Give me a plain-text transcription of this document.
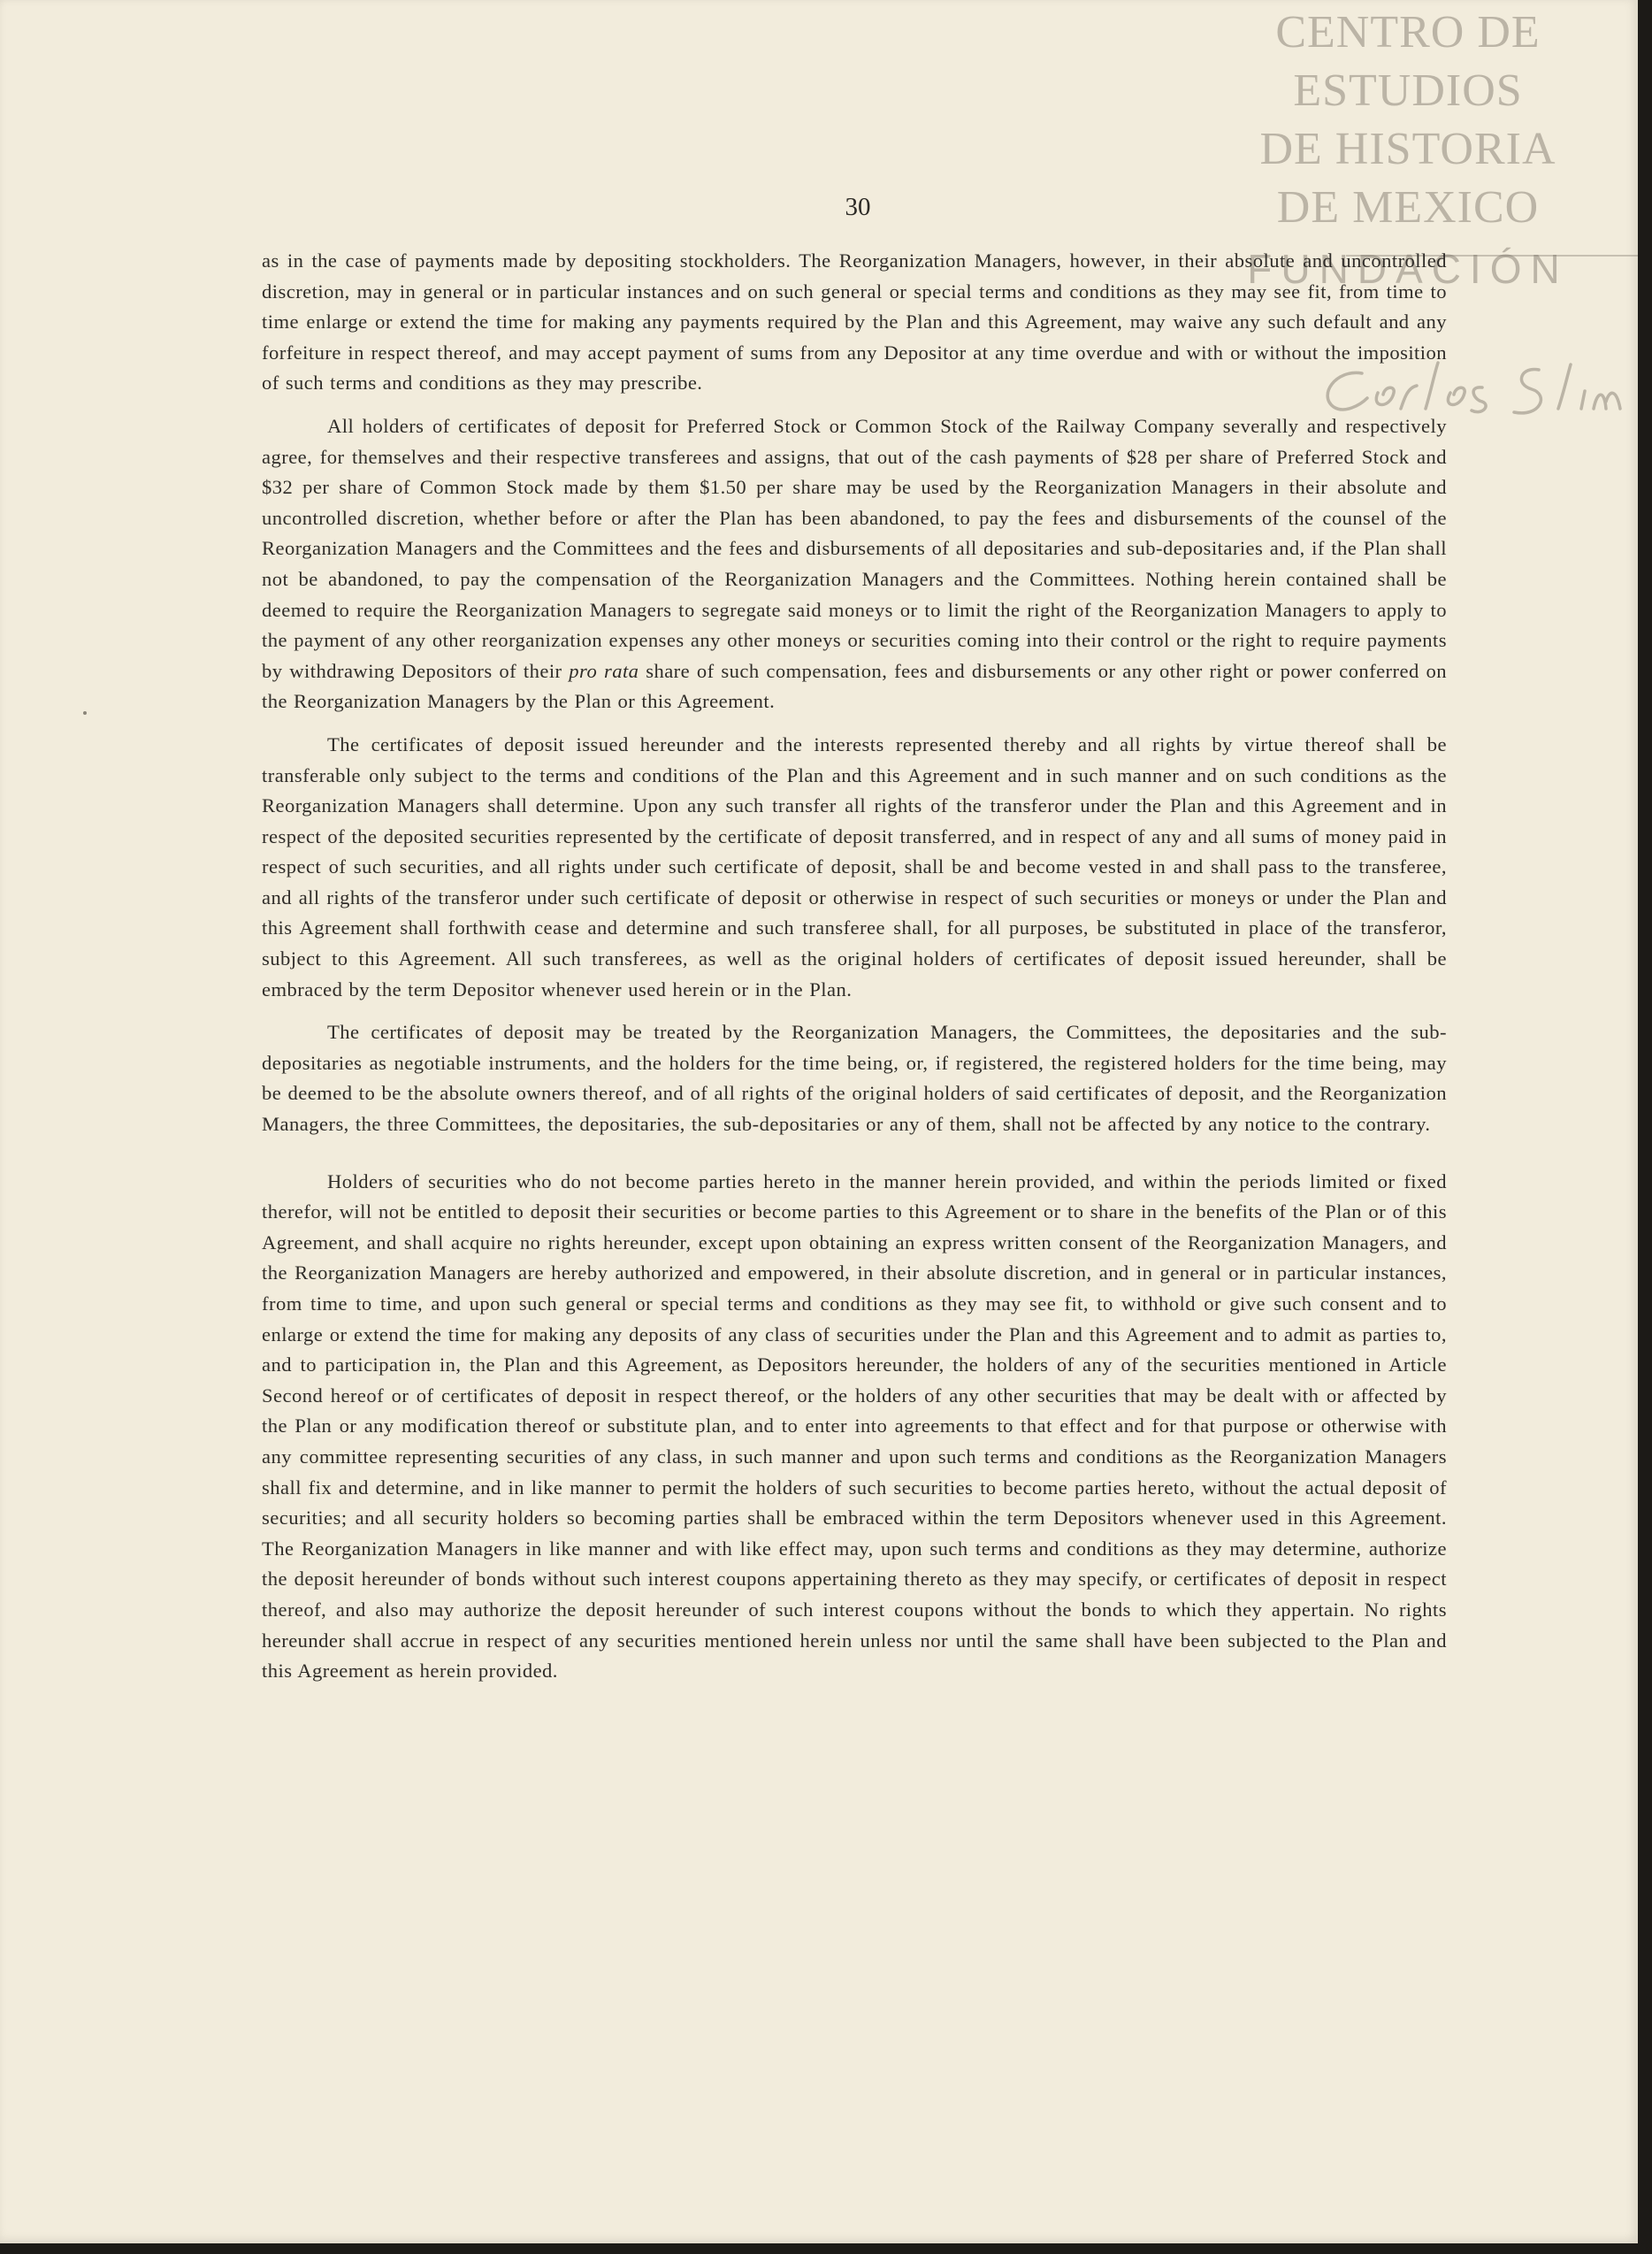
CENTRO DE
ESTUDIOS
DE HISTORIA
DE MEXICO
FUNDACIÓN
30

as in the case of payments made by depositing stockholders. The Reorganization Managers, however, in their absolute and uncontrolled discretion, may in general or in particular instances and on such general or special terms and conditions as they may see fit, from time to time enlarge or extend the time for making any payments required by the Plan and this Agreement, may waive any such default and any forfeiture in respect thereof, and may accept payment of sums from any Depositor at any time overdue and with or without the imposition of such terms and conditions as they may prescribe.

All holders of certificates of deposit for Preferred Stock or Common Stock of the Railway Company severally and respectively agree, for themselves and their respective transferees and assigns, that out of the cash payments of $28 per share of Preferred Stock and $32 per share of Common Stock made by them $1.50 per share may be used by the Reorganization Managers in their absolute and uncontrolled discretion, whether before or after the Plan has been abandoned, to pay the fees and disbursements of the counsel of the Reorganization Managers and the Committees and the fees and disbursements of all depositaries and sub-depositaries and, if the Plan shall not be abandoned, to pay the compensation of the Reorganization Managers and the Committees. Nothing herein contained shall be deemed to require the Reorganization Managers to segregate said moneys or to limit the right of the Reorganization Managers to apply to the payment of any other reorganization expenses any other moneys or securities coming into their control or the right to require payments by withdrawing Depositors of their pro rata share of such compensation, fees and disbursements or any other right or power conferred on the Reorganization Managers by the Plan or this Agreement.

The certificates of deposit issued hereunder and the interests represented thereby and all rights by virtue thereof shall be transferable only subject to the terms and conditions of the Plan and this Agreement and in such manner and on such conditions as the Reorganization Managers shall determine. Upon any such transfer all rights of the transferor under the Plan and this Agreement and in respect of the deposited securities represented by the certificate of deposit transferred, and in respect of any and all sums of money paid in respect of such securities, and all rights under such certificate of deposit, shall be and become vested in and shall pass to the transferee, and all rights of the transferor under such certificate of deposit or otherwise in respect of such securities or moneys or under the Plan and this Agreement shall forthwith cease and determine and such transferee shall, for all purposes, be substituted in place of the transferor, subject to this Agreement. All such transferees, as well as the original holders of certificates of deposit issued hereunder, shall be embraced by the term Depositor whenever used herein or in the Plan.

The certificates of deposit may be treated by the Reorganization Managers, the Committees, the depositaries and the sub-depositaries as negotiable instruments, and the holders for the time being, or, if registered, the registered holders for the time being, may be deemed to be the absolute owners thereof, and of all rights of the original holders of said certificates of deposit, and the Reorganization Managers, the three Committees, the depositaries, the sub-depositaries or any of them, shall not be affected by any notice to the contrary.

Holders of securities who do not become parties hereto in the manner herein provided, and within the periods limited or fixed therefor, will not be entitled to deposit their securities or become parties to this Agreement or to share in the benefits of the Plan or of this Agreement, and shall acquire no rights hereunder, except upon obtaining an express written consent of the Reorganization Managers, and the Reorganization Managers are hereby authorized and empowered, in their absolute discretion, and in general or in particular instances, from time to time, and upon such general or special terms and conditions as they may see fit, to withhold or give such consent and to enlarge or extend the time for making any deposits of any class of securities under the Plan and this Agreement and to admit as parties to, and to participation in, the Plan and this Agreement, as Depositors hereunder, the holders of any of the securities mentioned in Article Second hereof or of certificates of deposit in respect thereof, or the holders of any other securities that may be dealt with or affected by the Plan or any modification thereof or substitute plan, and to enter into agreements to that effect and for that purpose or otherwise with any committee representing securities of any class, in such manner and upon such terms and conditions as the Reorganization Managers shall fix and determine, and in like manner to permit the holders of such securities to become parties hereto, without the actual deposit of securities; and all security holders so becoming parties shall be embraced within the term Depositors whenever used in this Agreement. The Reorganization Managers in like manner and with like effect may, upon such terms and conditions as they may determine, authorize the deposit hereunder of bonds without such interest coupons appertaining thereto as they may specify, or certificates of deposit in respect thereof, and also may authorize the deposit hereunder of such interest coupons without the bonds to which they appertain. No rights hereunder shall accrue in respect of any securities mentioned herein unless nor until the same shall have been subjected to the Plan and this Agreement as herein provided.
